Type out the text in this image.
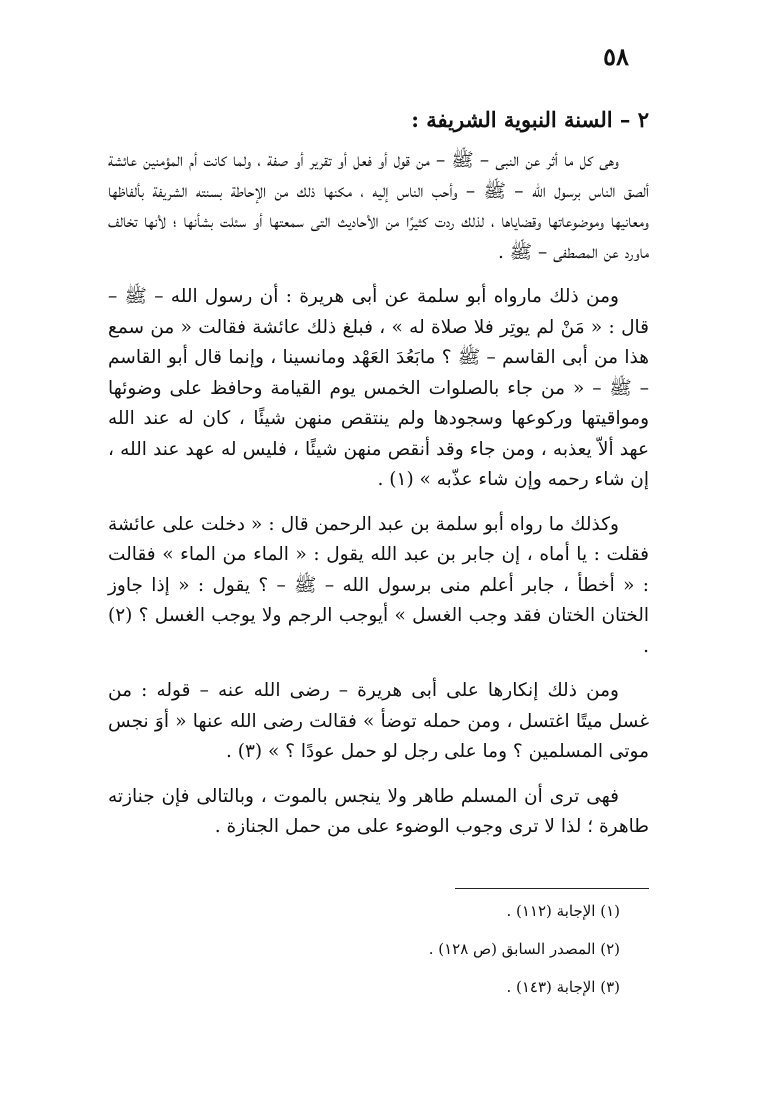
٥٨
٢ – السنة النبوية الشريفة :

وهى كل ما أثر عن النبى – ﷺ – من قول أو فعل أو تقرير أو صفة ، ولما كانت أم المؤمنين عائشة ألصق الناس برسول الله – ﷺ – وأحب الناس إليه ، مكنها ذلك من الإحاطة بسنته الشريفة بألفاظها ومعانيها وموضوعاتها وقضاياها ، لذلك ردت كثيرًا من الأحاديث التى سمعتها أو سئلت بشأنها ؛ لأنها تخالف ماورد عن المصطفى – ﷺ .

ومن ذلك مارواه أبو سلمة عن أبى هريرة : أن رسول الله – ﷺ – قال : « مَنْ لم يوتِر فلا صلاة له » ، فبلغ ذلك عائشة فقالت « من سمع هذا من أبى القاسم – ﷺ ؟ مابَعُدَ العَهْد ومانسينا ، وإنما قال أبو القاسم – ﷺ – « من جاء بالصلوات الخمس يوم القيامة وحافظ على وضوئها ومواقيتها وركوعها وسجودها ولم ينتقص منهن شيئًا ، كان له عند الله عهد ألاّ يعذبه ، ومن جاء وقد أنقص منهن شيئًا ، فليس له عهد عند الله ، إن شاء رحمه وإن شاء عذّبه » (١) .

وكذلك ما رواه أبو سلمة بن عبد الرحمن قال : « دخلت على عائشة فقلت : يا أماه ، إن جابر بن عبد الله يقول : « الماء من الماء » فقالت : « أخطأ ، جابر أعلم منى برسول الله – ﷺ – ؟ يقول : « إذا جاوز الختان الختان فقد وجب الغسل » أيوجب الرجم ولا يوجب الغسل ؟ (٢) .

ومن ذلك إنكارها على أبى هريرة – رضى الله عنه – قوله : من غسل ميتًا اغتسل ، ومن حمله توضأ » فقالت رضى الله عنها « أوَ نجس موتى المسلمين ؟ وما على رجل لو حمل عودًا ؟ » (٣) .

فهى ترى أن المسلم طاهر ولا ينجس بالموت ، وبالتالى فإن جنازته طاهرة ؛ لذا لا ترى وجوب الوضوء على من حمل الجنازة .

(١) الإجابة (١١٢) .
(٢) المصدر السابق (ص ١٢٨) .
(٣) الإجابة (١٤٣) .
